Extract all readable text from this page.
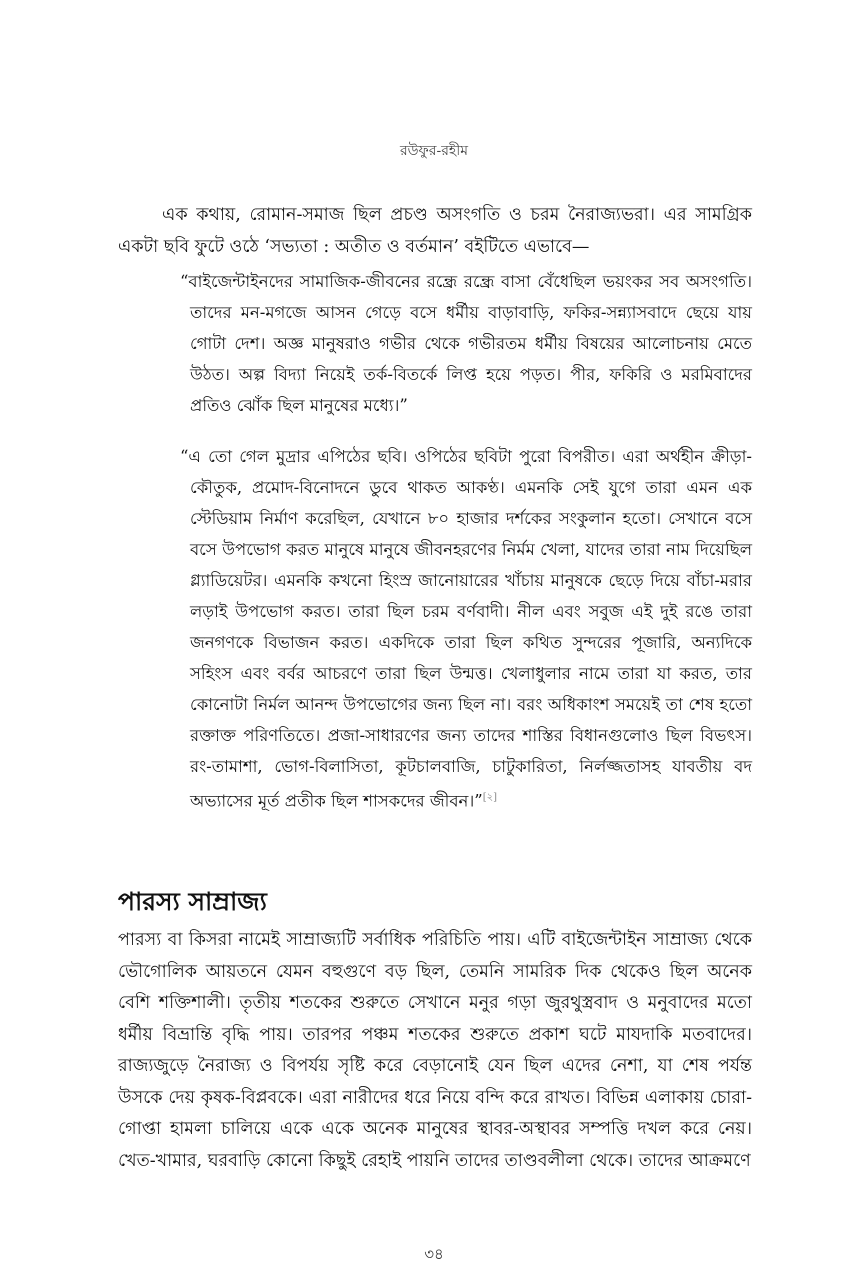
রউফুর-রহীম

এক কথায়, রোমান-সমাজ ছিল প্রচণ্ড অসংগতি ও চরম নৈরাজ্যভরা। এর সামগ্রিক একটা ছবি ফুটে ওঠে ‘সভ্যতা : অতীত ও বর্তমান’ বইটিতে এভাবে—

“বাইজেন্টাইনদের সামাজিক-জীবনের রন্ধ্রে রন্ধ্রে বাসা বেঁধেছিল ভয়ংকর সব অসংগতি। তাদের মন-মগজে আসন গেড়ে বসে ধর্মীয় বাড়াবাড়ি, ফকির-সন্ন্যাসবাদে ছেয়ে যায় গোটা দেশ। অজ্ঞ মানুষরাও গভীর থেকে গভীরতম ধর্মীয় বিষয়ের আলোচনায় মেতে উঠত। অল্প বিদ্যা নিয়েই তর্ক-বিতর্কে লিপ্ত হয়ে পড়ত। পীর, ফকিরি ও মরমিবাদের প্রতিও ঝোঁক ছিল মানুষের মধ্যে।”

“এ তো গেল মুদ্রার এপিঠের ছবি। ওপিঠের ছবিটা পুরো বিপরীত। এরা অর্থহীন ক্রীড়া-কৌতুক, প্রমোদ-বিনোদনে ডুবে থাকত আকণ্ঠ। এমনকি সেই যুগে তারা এমন এক স্টেডিয়াম নির্মাণ করেছিল, যেখানে ৮০ হাজার দর্শকের সংকুলান হতো। সেখানে বসে বসে উপভোগ করত মানুষে মানুষে জীবনহরণের নির্মম খেলা, যাদের তারা নাম দিয়েছিল গ্ল্যাডিয়েটর। এমনকি কখনো হিংস্র জানোয়ারের খাঁচায় মানুষকে ছেড়ে দিয়ে বাঁচা-মরার লড়াই উপভোগ করত। তারা ছিল চরম বর্ণবাদী। নীল এবং সবুজ এই দুই রঙে তারা জনগণকে বিভাজন করত। একদিকে তারা ছিল কথিত সুন্দরের পূজারি, অন্যদিকে সহিংস এবং বর্বর আচরণে তারা ছিল উন্মত্ত। খেলাধুলার নামে তারা যা করত, তার কোনোটা নির্মল আনন্দ উপভোগের জন্য ছিল না। বরং অধিকাংশ সময়েই তা শেষ হতো রক্তাক্ত পরিণতিতে। প্রজা-সাধারণের জন্য তাদের শাস্তির বিধানগুলোও ছিল বিভৎস। রং-তামাশা, ভোগ-বিলাসিতা, কূটচালবাজি, চাটুকারিতা, নির্লজ্জতাসহ যাবতীয় বদ অভ্যাসের মূর্ত প্রতীক ছিল শাসকদের জীবন।”[২]

পারস্য সাম্রাজ্য

পারস্য বা কিসরা নামেই সাম্রাজ্যটি সর্বাধিক পরিচিতি পায়। এটি বাইজেন্টাইন সাম্রাজ্য থেকে ভৌগোলিক আয়তনে যেমন বহুগুণে বড় ছিল, তেমনি সামরিক দিক থেকেও ছিল অনেক বেশি শক্তিশালী। তৃতীয় শতকের শুরুতে সেখানে মনুর গড়া জুরথুস্ত্রবাদ ও মনুবাদের মতো ধর্মীয় বিভ্রান্তি বৃদ্ধি পায়। তারপর পঞ্চম শতকের শুরুতে প্রকাশ ঘটে মাযদাকি মতবাদের। রাজ্যজুড়ে নৈরাজ্য ও বিপর্যয় সৃষ্টি করে বেড়ানোই যেন ছিল এদের নেশা, যা শেষ পর্যন্ত উসকে দেয় কৃষক-বিপ্লবকে। এরা নারীদের ধরে নিয়ে বন্দি করে রাখত। বিভিন্ন এলাকায় চোরা-গোপ্তা হামলা চালিয়ে একে একে অনেক মানুষের স্থাবর-অস্থাবর সম্পত্তি দখল করে নেয়। খেত-খামার, ঘরবাড়ি কোনো কিছুই রেহাই পায়নি তাদের তাণ্ডবলীলা থেকে। তাদের আক্রমণে

৩৪
